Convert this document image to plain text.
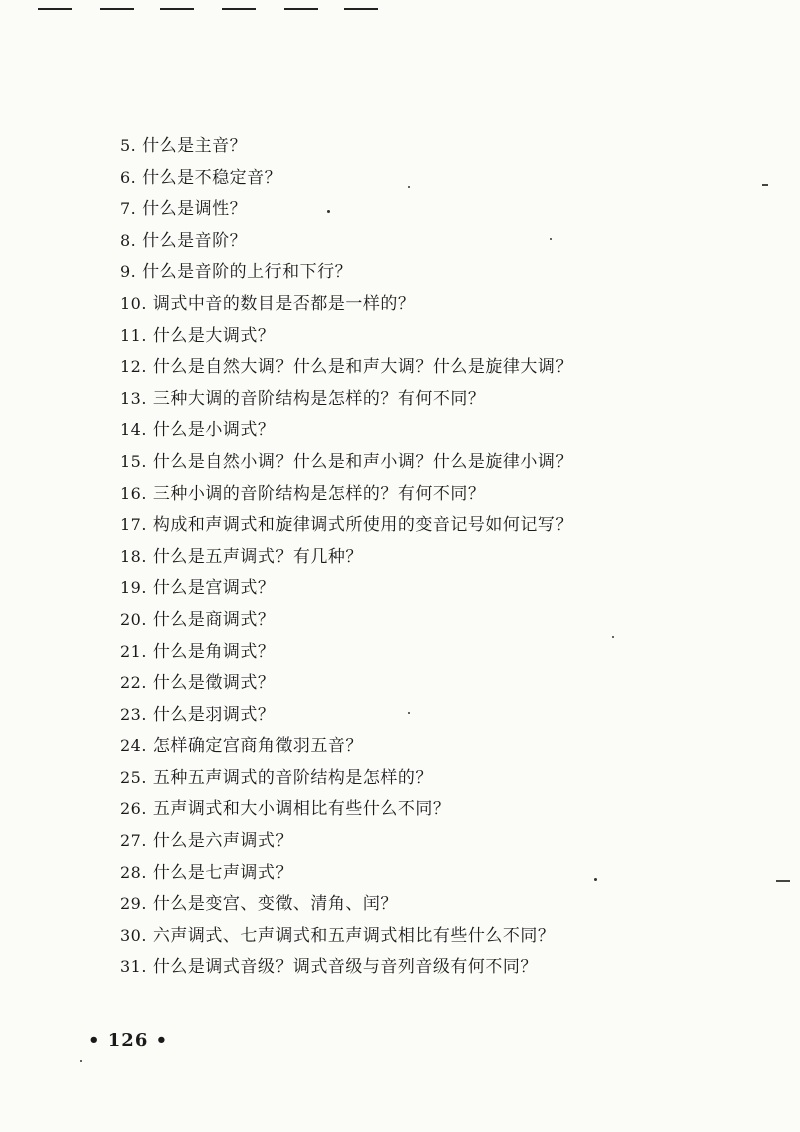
5. 什么是主音？
6. 什么是不稳定音？
7. 什么是调性？
8. 什么是音阶？
9. 什么是音阶的上行和下行？
10. 调式中音的数目是否都是一样的？
11. 什么是大调式？
12. 什么是自然大调？什么是和声大调？什么是旋律大调？
13. 三种大调的音阶结构是怎样的？有何不同？
14. 什么是小调式？
15. 什么是自然小调？什么是和声小调？什么是旋律小调？
16. 三种小调的音阶结构是怎样的？有何不同？
17. 构成和声调式和旋律调式所使用的变音记号如何记写？
18. 什么是五声调式？有几种？
19. 什么是宫调式？
20. 什么是商调式？
21. 什么是角调式？
22. 什么是徵调式？
23. 什么是羽调式？
24. 怎样确定宫商角徵羽五音？
25. 五种五声调式的音阶结构是怎样的？
26. 五声调式和大小调相比有些什么不同？
27. 什么是六声调式？
28. 什么是七声调式？
29. 什么是变宫、变徵、清角、闰？
30. 六声调式、七声调式和五声调式相比有些什么不同？
31. 什么是调式音级？调式音级与音列音级有何不同？
• 126 •
